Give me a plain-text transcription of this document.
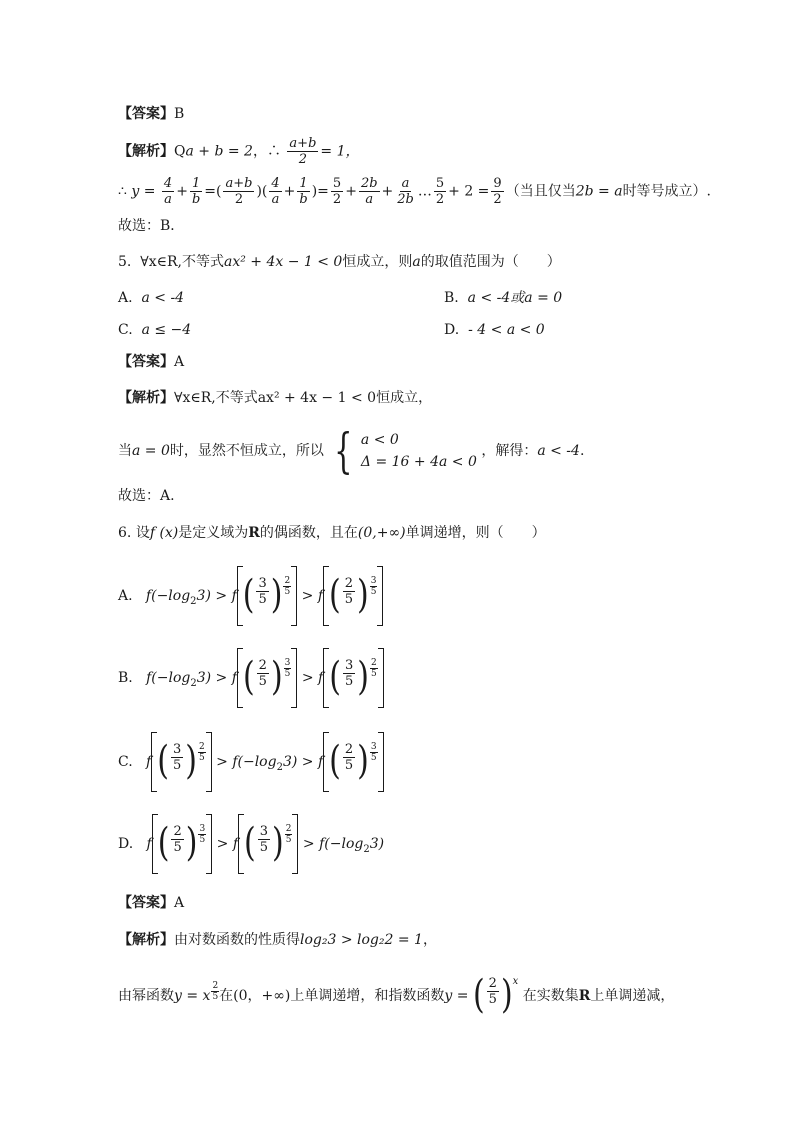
【答案】B
【解析】Qa + b = 2，∴ $\frac{a+b}{2} = 1$，
∴ $y = \frac{4}{a} + \frac{1}{b}$ =( $\frac{a+b}{2}$ )( $\frac{4}{a} + \frac{1}{b}$ )= $\frac{5}{2} + \frac{2b}{a} + \frac{a}{2b}$ … $\frac{5}{2} + 2 = \frac{9}{2}$ （当且仅当2b = a时等号成立）.
故选：B．
5. ∀x∈R,不等式ax² + 4x − 1 < 0恒成立，则a的取值范围为（　　）
A. a < -4	B. a < -4或a = 0
C. a ≤ −4	D. - 4 < a < 0
【答案】A
【解析】∀x∈R,不等式ax² + 4x − 1 < 0恒成立，
当a = 0时，显然不恒成立，所以 { a < 0
Δ = 16 + 4a < 0
，解得：a < -4.
故选：A.
6. 设f (x)是定义域为R的偶函数，且在(0,+∞)单调递增，则（　　）
A. $f(-\log_23) > f$ ( $\frac{3}{5}$ ) 2
5 > f ( $\frac{2}{5}$ ) 3
5
B. $f(-\log_23) > f$ ( $\frac{2}{5}$ ) 3
5 > f ( $\frac{3}{5}$ ) 2
5
C. f ( $\frac{3}{5}$ ) 2
$5 > f(-\log_23) > f$ ( $\frac{2}{5}$ ) 3
5
D. f ( $\frac{2}{5}$ ) 3
5 > f ( $\frac{3}{5}$ ) 2
$5 > f(-\log_23)$
【答案】A
【解析】由对数函数的性质得log₂3 > log₂2 = 1，
由幂函数y = x $\frac{2}{5}$ 在(0，+∞)上单调递增，和指数函数y = ( $\frac{2}{5}$ ) x
在实数集R上单调递减，
